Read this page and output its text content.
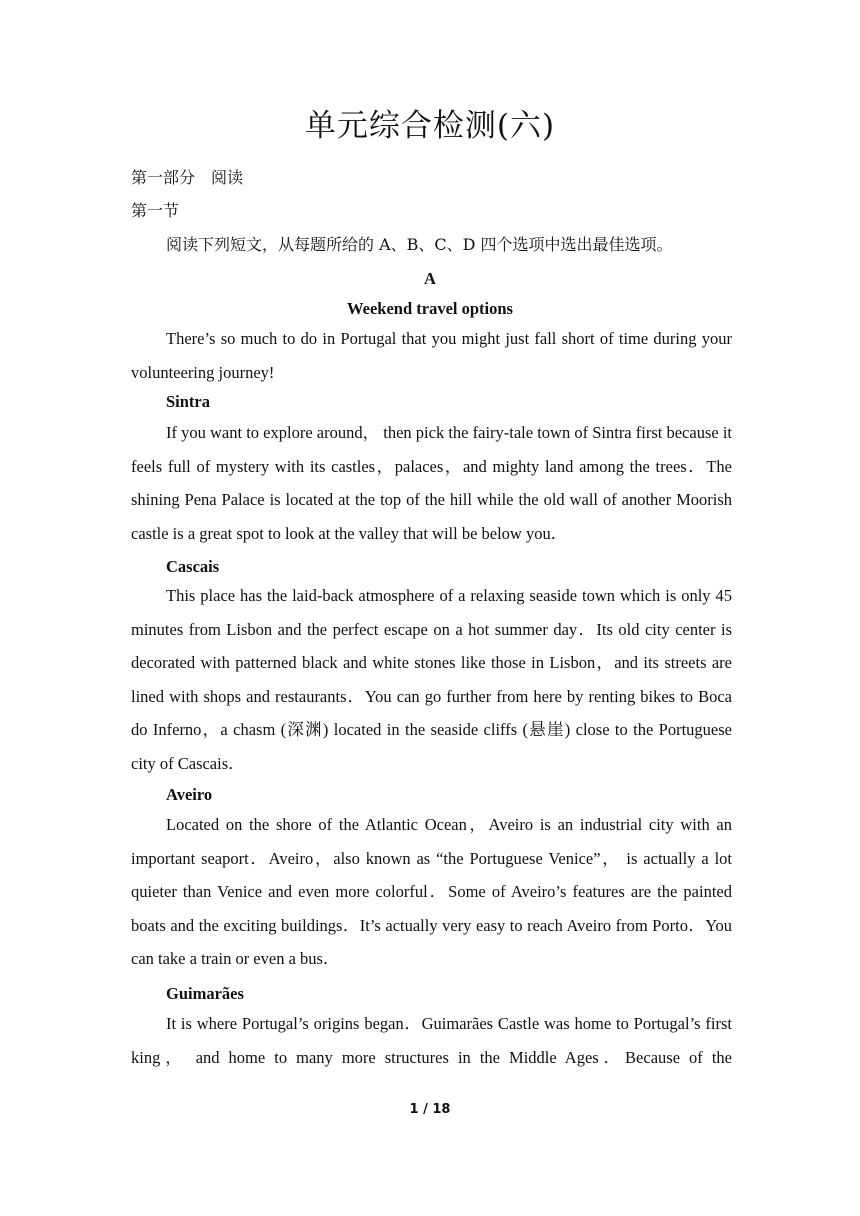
单元综合检测(六)

第一部分　阅读

第一节

阅读下列短文，从每题所给的 A、B、C、D 四个选项中选出最佳选项。

A

Weekend travel options

There’s so much to do in Portugal that you might just fall short of time during your volunteering journey!

Sintra

If you want to explore around， then pick the fairy-tale town of Sintra first because it feels full of mystery with its castles，palaces，and mighty land among the trees．The shining Pena Palace is located at the top of the hill while the old wall of another Moorish castle is a great spot to look at the valley that will be below you．

Cascais

This place has the laid-back atmosphere of a relaxing seaside town which is only 45 minutes from Lisbon and the perfect escape on a hot summer day．Its old city center is decorated with patterned black and white stones like those in Lisbon，and its streets are lined with shops and restaurants．You can go further from here by renting bikes to Boca do Inferno，a chasm (深渊) located in the seaside cliffs (悬崖) close to the Portuguese city of Cascais．

Aveiro

Located on the shore of the Atlantic Ocean，Aveiro is an industrial city with an important seaport．Aveiro，also known as “the Portuguese Venice”， is actually a lot quieter than Venice and even more colorful．Some of Aveiro’s features are the painted boats and the exciting buildings．It’s actually very easy to reach Aveiro from Porto．You can take a train or even a bus．

Guimarães

It is where Portugal’s origins began．Guimarães Castle was home to Portugal’s first king， and home to many more structures in the Middle Ages．Because of the

1 / 18
